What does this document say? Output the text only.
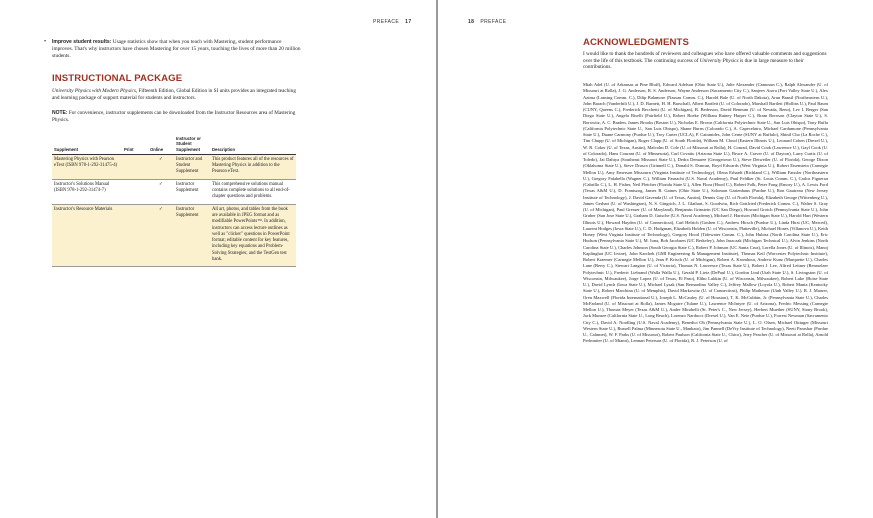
PREFACE 17
• Improve student results: Usage statistics show that when you teach with Mastering, student performance improves. That's why instructors have chosen Mastering for over 15 years, touching the lives of more than 20 million students.
INSTRUCTIONAL PACKAGE
University Physics with Modern Physics, Fifteenth Edition, Global Edition in SI units provides an integrated teaching and learning package of support material for students and instructors.
NOTE: For convenience, instructor supplements can be downloaded from the Instructor Resources area of Mastering Physics.
Supplement	Print	Online	Instructor or Student Supplement	Description
Mastering Physics with Pearson eText (ISBN 978-1-292-31475-4)		✓	Instructor and Student Supplement	This product features all of the resources of Mastering Physics in addition to the Pearson eText.
Instructor's Solutions Manual (ISBN 978-1-292-31474-7)		✓	Instructor Supplement	This comprehensive solutions manual contains complete solutions to all end-of-chapter questions and problems.
Instructor's Resource Materials		✓	Instructor Supplement	All art, photos, and tables from the book are available in JPEG format and as modifiable PowerPoints™. In addition, instructors can access lecture outlines as well as "clicker" questions in PowerPoint format; editable content for key features, including key equations and Problem-Solving Strategies; and the TestGen test bank.
18 PREFACE
ACKNOWLEDGMENTS
I would like to thank the hundreds of reviewers and colleagues who have offered valuable comments and suggestions over the life of this textbook. The continuing success of University Physics is due in large measure to their contributions.
Miah Adel (U. of Arkansas at Pine Bluff), Edward Adelson (Ohio State U.), Julie Alexander (Camosun C.), Ralph Alexander (U. of Missouri at Rolla), J. G. Anderson, R. S. Anderson, Wayne Anderson (Sacramento City C.), Sanjeev Arora (Fort Valley State U.), Alex Azima (Lansing Comm. C.), Dilip Balamore (Nassau Comm. C.), Harold Bale (U. of North Dakota), Arun Bansil (Northeastern U.), John Barach (Vanderbilt U.), J. D. Barnett, H. H. Barschall, Albert Bartlett (U. of Colorado), Marshall Bartlett (Hollins U.), Paul Baum (CUNY, Queens C.), Frederick Becchetti (U. of Michigan), B. Bederson, David Bennum (U. of Nevada, Reno), Lev I. Berger (San Diego State U.), Angela Biselli (Fairfield U.), Robert Boeke (William Rainey Harper C.), Bram Boroson (Clayton State U.), S. Borowitz, A. C. Braden, James Brooks (Boston U.), Nicholas E. Brown (California Polytechnic State U., San Luis Obispo), Tony Buffa (California Polytechnic State U., San Luis Obispo), Shane Burns (Colorado C.), A. Capecelatro, Michael Cardamone (Pennsylvania State U.), Duane Carmony (Purdue U.), Troy Carter (UCLA), P. Catranides, John Cerne (SUNY at Buffalo), Shinil Cho (La Roche C.), Tim Chupp (U. of Michigan), Roger Clapp (U. of South Florida), William M. Cloud (Eastern Illinois U.), Leonard Cohen (Drexel U.), W. R. Coker (U. of Texas, Austin), Malcolm D. Cole (U. of Missouri at Rolla), H. Conrad, David Cook (Lawrence U.), Gayl Cook (U. of Colorado), Hans Courant (U. of Minnesota), Carl Covatto (Arizona State U.), Bruce A. Craver (U. of Dayton), Larry Curtis (U. of Toledo), Jai Dahiya (Southeast Missouri State U.), Dedra Demaree (Georgetown U.), Steve Detweiler (U. of Florida), George Dixon (Oklahoma State U.), Steve Drasco (Grinnell C.), Donald S. Duncan, Boyd Edwards (West Virginia U.), Robert Eisenstein (Carnegie Mellon U.), Amy Emerson Missourn (Virginia Institute of Technology), Olena Erhardt (Richland C.), William Faissler (Northeastern U.), Gregory Falabella (Wagner C.), William Fasnacht (U.S. Naval Academy), Paul Feldker (St. Louis Comm. C.), Carlos Figueroa (Cabrillo C.), L. H. Fisher, Neil Fletcher (Florida State U.), Allen Flora (Hood C.), Robert Folk, Peter Fong (Emory U.), A. Lewis Ford (Texas A&M U.), D. Frantszog, James R. Gaines (Ohio State U.), Solomon Gartenhaus (Purdue U.), Ron Gautreau (New Jersey Institute of Technology), J. David Gavenda (U. of Texas, Austin), Dennis Gay (U. of North Florida), Elizabeth George (Wittenberg U.), James Gerhart (U. of Washington), N. S. Gingrich, J. L. Glathart, S. Goodwin, Rich Gottfried (Frederick Comm. C.), Walter S. Gray (U. of Michigan), Paul Gresser (U. of Maryland), Benjamin Grinstein (UC San Diego), Howard Grotch (Pennsylvania State U.), John Gruber (San Jose State U.), Graham D. Gutsche (U.S. Naval Academy), Michael J. Harrison (Michigan State U.), Harold Hart (Western Illinois U.), Howard Hayden (U. of Connecticut), Carl Helrich (Goshen C.), Andrew Hirsch (Purdue U.), Linda Hirst (UC, Merced), Laurent Hodges (Iowa State U.), C. D. Hodgman, Elizabeth Holden (U. of Wisconsin, Platteville), Michael Hones (Villanova U.), Keith Honey (West Virginia Institute of Technology), Gregory Hood (Tidewater Comm. C.), John Hubisz (North Carolina State U.), Eric Hudson (Pennsylvania State U.), M. Iona, Bob Jacobsen (UC Berkeley), John Jaszczak (Michigan Technical U.), Alvin Jenkins (North Carolina State U.), Charles Johnson (South Georgia State C.), Robert P. Johnson (UC Santa Cruz), Lorella Jones (U. of Illinois), Manoj Kaplinghat (UC Irvine), John Karchek (GMI Engineering & Management Institute), Thomas Keil (Worcester Polytechnic Institute), Robert Kraemer (Carnegie Mellon U.), Jean P. Krisch (U. of Michigan), Robert A. Kromhout, Andrew Kunz (Marquette U.), Charles Lane (Berry C.), Stewart Langton (U. of Victoria), Thomas N. Lawrence (Texas State U.), Robert J. Lee, Alfred Leitner (Rensselaer Polytechnic U.), Frederic Liebrand (Walla Walla U.), Gerald P. Lietz (DePaul U.), Gordon Lind (Utah State U.), S. Livingston (U. of Wisconsin, Milwaukee), Jorge Lopez (U. of Texas, El Paso), Elihu Lubkin (U. of Wisconsin, Milwaukee), Robert Luke (Boise State U.), David Lynch (Iowa State U.), Michael Lysak (San Bernardino Valley C.), Jeffrey Mallow (Loyola U.), Robert Mania (Kentucky State U.), Robert Marchina (U. of Memphis), David Markowitz (U. of Connecticut), Philip Matheson (Utah Valley U.), R. J. Maurer, Oren Maxwell (Florida International U.), Joseph L. McCauley (U. of Houston), T. K. McCubbin, Jr. (Pennsylvania State U.), Charles McFarland (U. of Missouri at Rolla), James Mcguire (Tulane U.), Lawrence McIntyre (U. of Arizona), Fredric Messing (Carnegie Mellon U.), Thomas Meyer (Texas A&M U.), Andre Mirabelli (St. Peter's C., New Jersey), Herbert Muether (SUNY, Stony Brook), Jack Munsee (California State U., Long Beach), Lorenzo Narducci (Drexel U.), Van E. Neie (Purdue U.), Forrest Newman (Sacramento City C.), David A. Nordling (U.S. Naval Academy), Benedict Oh (Pennsylvania State U.), L. O. Olsen, Michael Ottinger (Missouri Western State U.), Russell Palma (Minnesota State U., Mankato), Jim Pannell (DeVry Institute of Technology), Neeti Parashar (Purdue U., Calumet), W. F. Parks (U. of Missouri), Robert Paulson (California State U., Chico), Jerry Peacher (U. of Missouri at Rolla), Arnold Perlmutter (U. of Miami), Lennart Peterson (U. of Florida), R. J. Peterson (U. of
